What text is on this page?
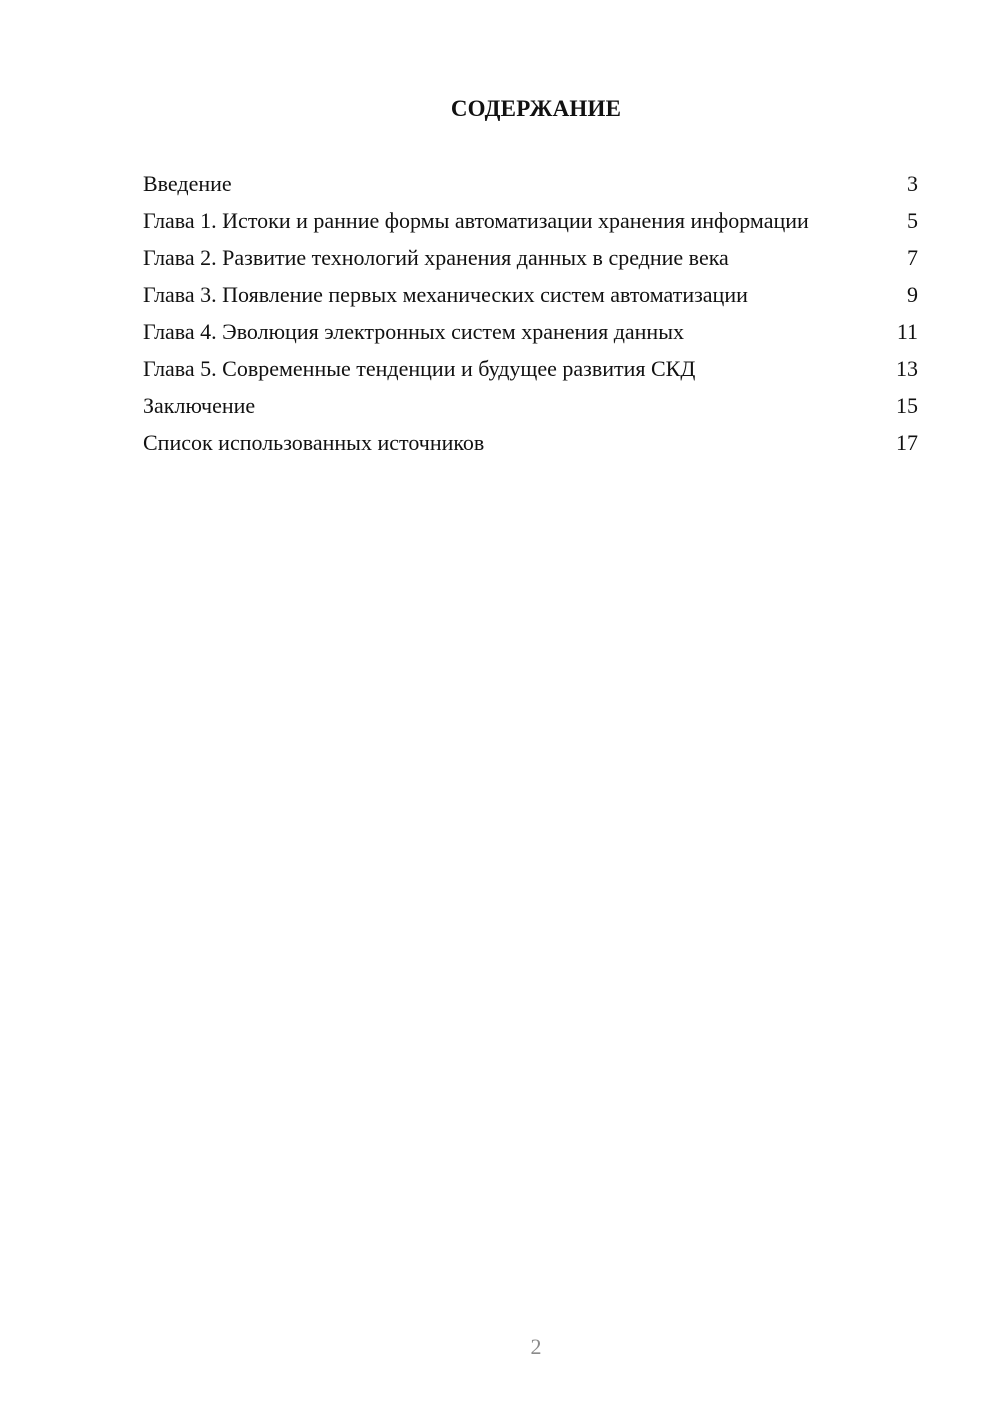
СОДЕРЖАНИЕ
Введение	3
Глава 1. Истоки и ранние формы автоматизации хранения информации	5
Глава 2. Развитие технологий хранения данных в средние века	7
Глава 3. Появление первых механических систем автоматизации	9
Глава 4. Эволюция электронных систем хранения данных	11
Глава 5. Современные тенденции и будущее развития СКД	13
Заключение	15
Список использованных источников	17
2
